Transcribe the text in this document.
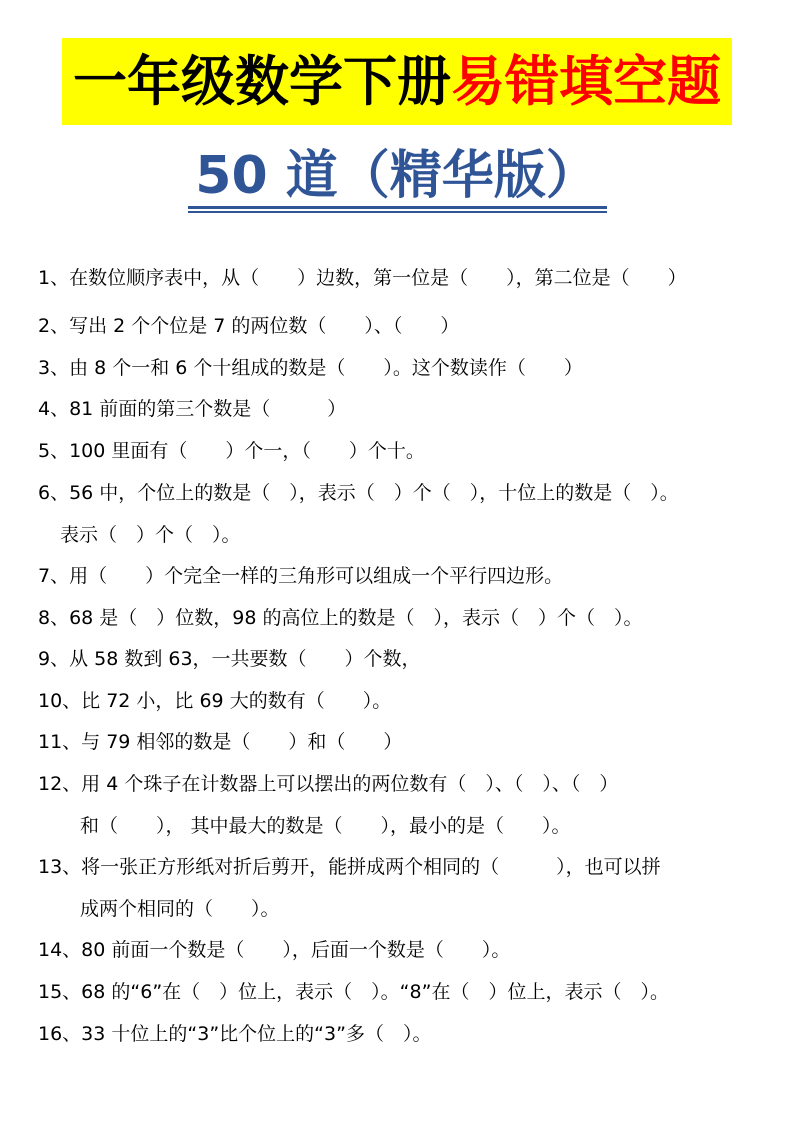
一年级数学下册 易错填空题
50 道（精华版）
1、在数位顺序表中，从（　　）边数，第一位是（　　），第二位是（　　）
2、写出 2 个个位是 7 的两位数（　　）、（　　）
3、由 8 个一和 6 个十组成的数是（　　）。这个数读作（　　）
4、81 前面的第三个数是（　　　）
5、100 里面有（　　）个一，（　　）个十。
6、56 中，个位上的数是（　），表示（　）个（　），十位上的数是（　）。
表示（　）个（　）。
7、用（　　）个完全一样的三角形可以组成一个平行四边形。
8、68 是（　）位数，98 的高位上的数是（　），表示（　）个（　）。
9、从 58 数到 63，一共要数（　　）个数，
10、比 72 小，比 69 大的数有（　　）。
11、与 79 相邻的数是（　　）和（　　）
12、用 4 个珠子在计数器上可以摆出的两位数有（　）、（　）、（　）
和（　　）， 其中最大的数是（　　），最小的是（　　）。
13、将一张正方形纸对折后剪开，能拼成两个相同的（　　　），也可以拼
成两个相同的（　　）。
14、80 前面一个数是（　　），后面一个数是（　　）。
15、68 的“6”在（　）位上，表示（　）。“8”在（　）位上，表示（　）。
16、33 十位上的“3”比个位上的“3”多（　）。
